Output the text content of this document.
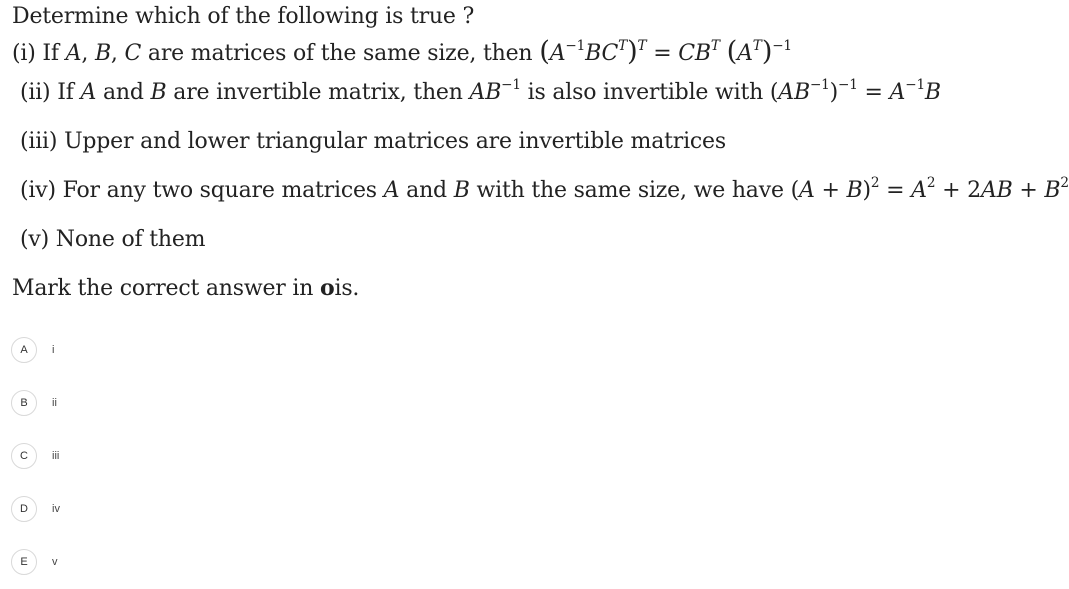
Determine which of the following is true ?
(i) If A, B, C are matrices of the same size, then $(A^{-1}BC^T)^T = CB^T$ $(A^T)^{-1}$
(ii) If A and B are invertible matrix, then $AB^{-1}$ is also invertible with $(AB^{-1})^{-1} = A^{-1}B$
(iii) Upper and lower triangular matrices are invertible matrices
(iv) For any two square matrices A and B with the same size, we have $(A + B)^2 = A^2 + 2AB + B^2$
(v) None of them
Mark the correct answer in ois.
A	i
B	ii
C	iii
D	iv
E	v
